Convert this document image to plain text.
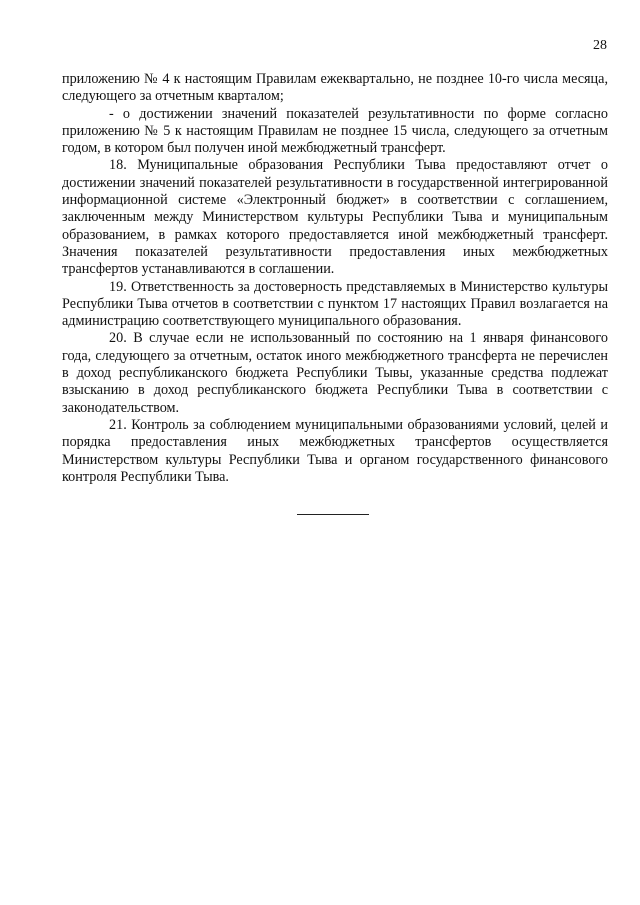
28

приложению № 4 к настоящим Правилам ежеквартально, не позднее 10-го числа месяца, следующего за отчетным кварталом;

- о достижении значений показателей результативности по форме согласно приложению № 5 к настоящим Правилам не позднее 15 числа, следующего за отчетным годом, в котором был получен иной межбюджетный трансферт.

18. Муниципальные образования Республики Тыва предоставляют отчет о достижении значений показателей результативности в государственной интегрированной информационной системе «Электронный бюджет» в соответствии с соглашением, заключенным между Министерством культуры Республики Тыва и муниципальным образованием, в рамках которого предоставляется иной межбюджетный трансферт. Значения показателей результативности предоставления иных межбюджетных трансфертов устанавливаются в соглашении.

19. Ответственность за достоверность представляемых в Министерство культуры Республики Тыва отчетов в соответствии с пунктом 17 настоящих Правил возлагается на администрацию соответствующего муниципального образования.

20. В случае если не использованный по состоянию на 1 января финансового года, следующего за отчетным, остаток иного межбюджетного трансферта не перечислен в доход республиканского бюджета Республики Тывы, указанные средства подлежат взысканию в доход республиканского бюджета Республики Тыва в соответствии с законодательством.

21. Контроль за соблюдением муниципальными образованиями условий, целей и порядка предоставления иных межбюджетных трансфертов осуществляется Министерством культуры Республики Тыва и органом государственного финансового контроля Республики Тыва.
